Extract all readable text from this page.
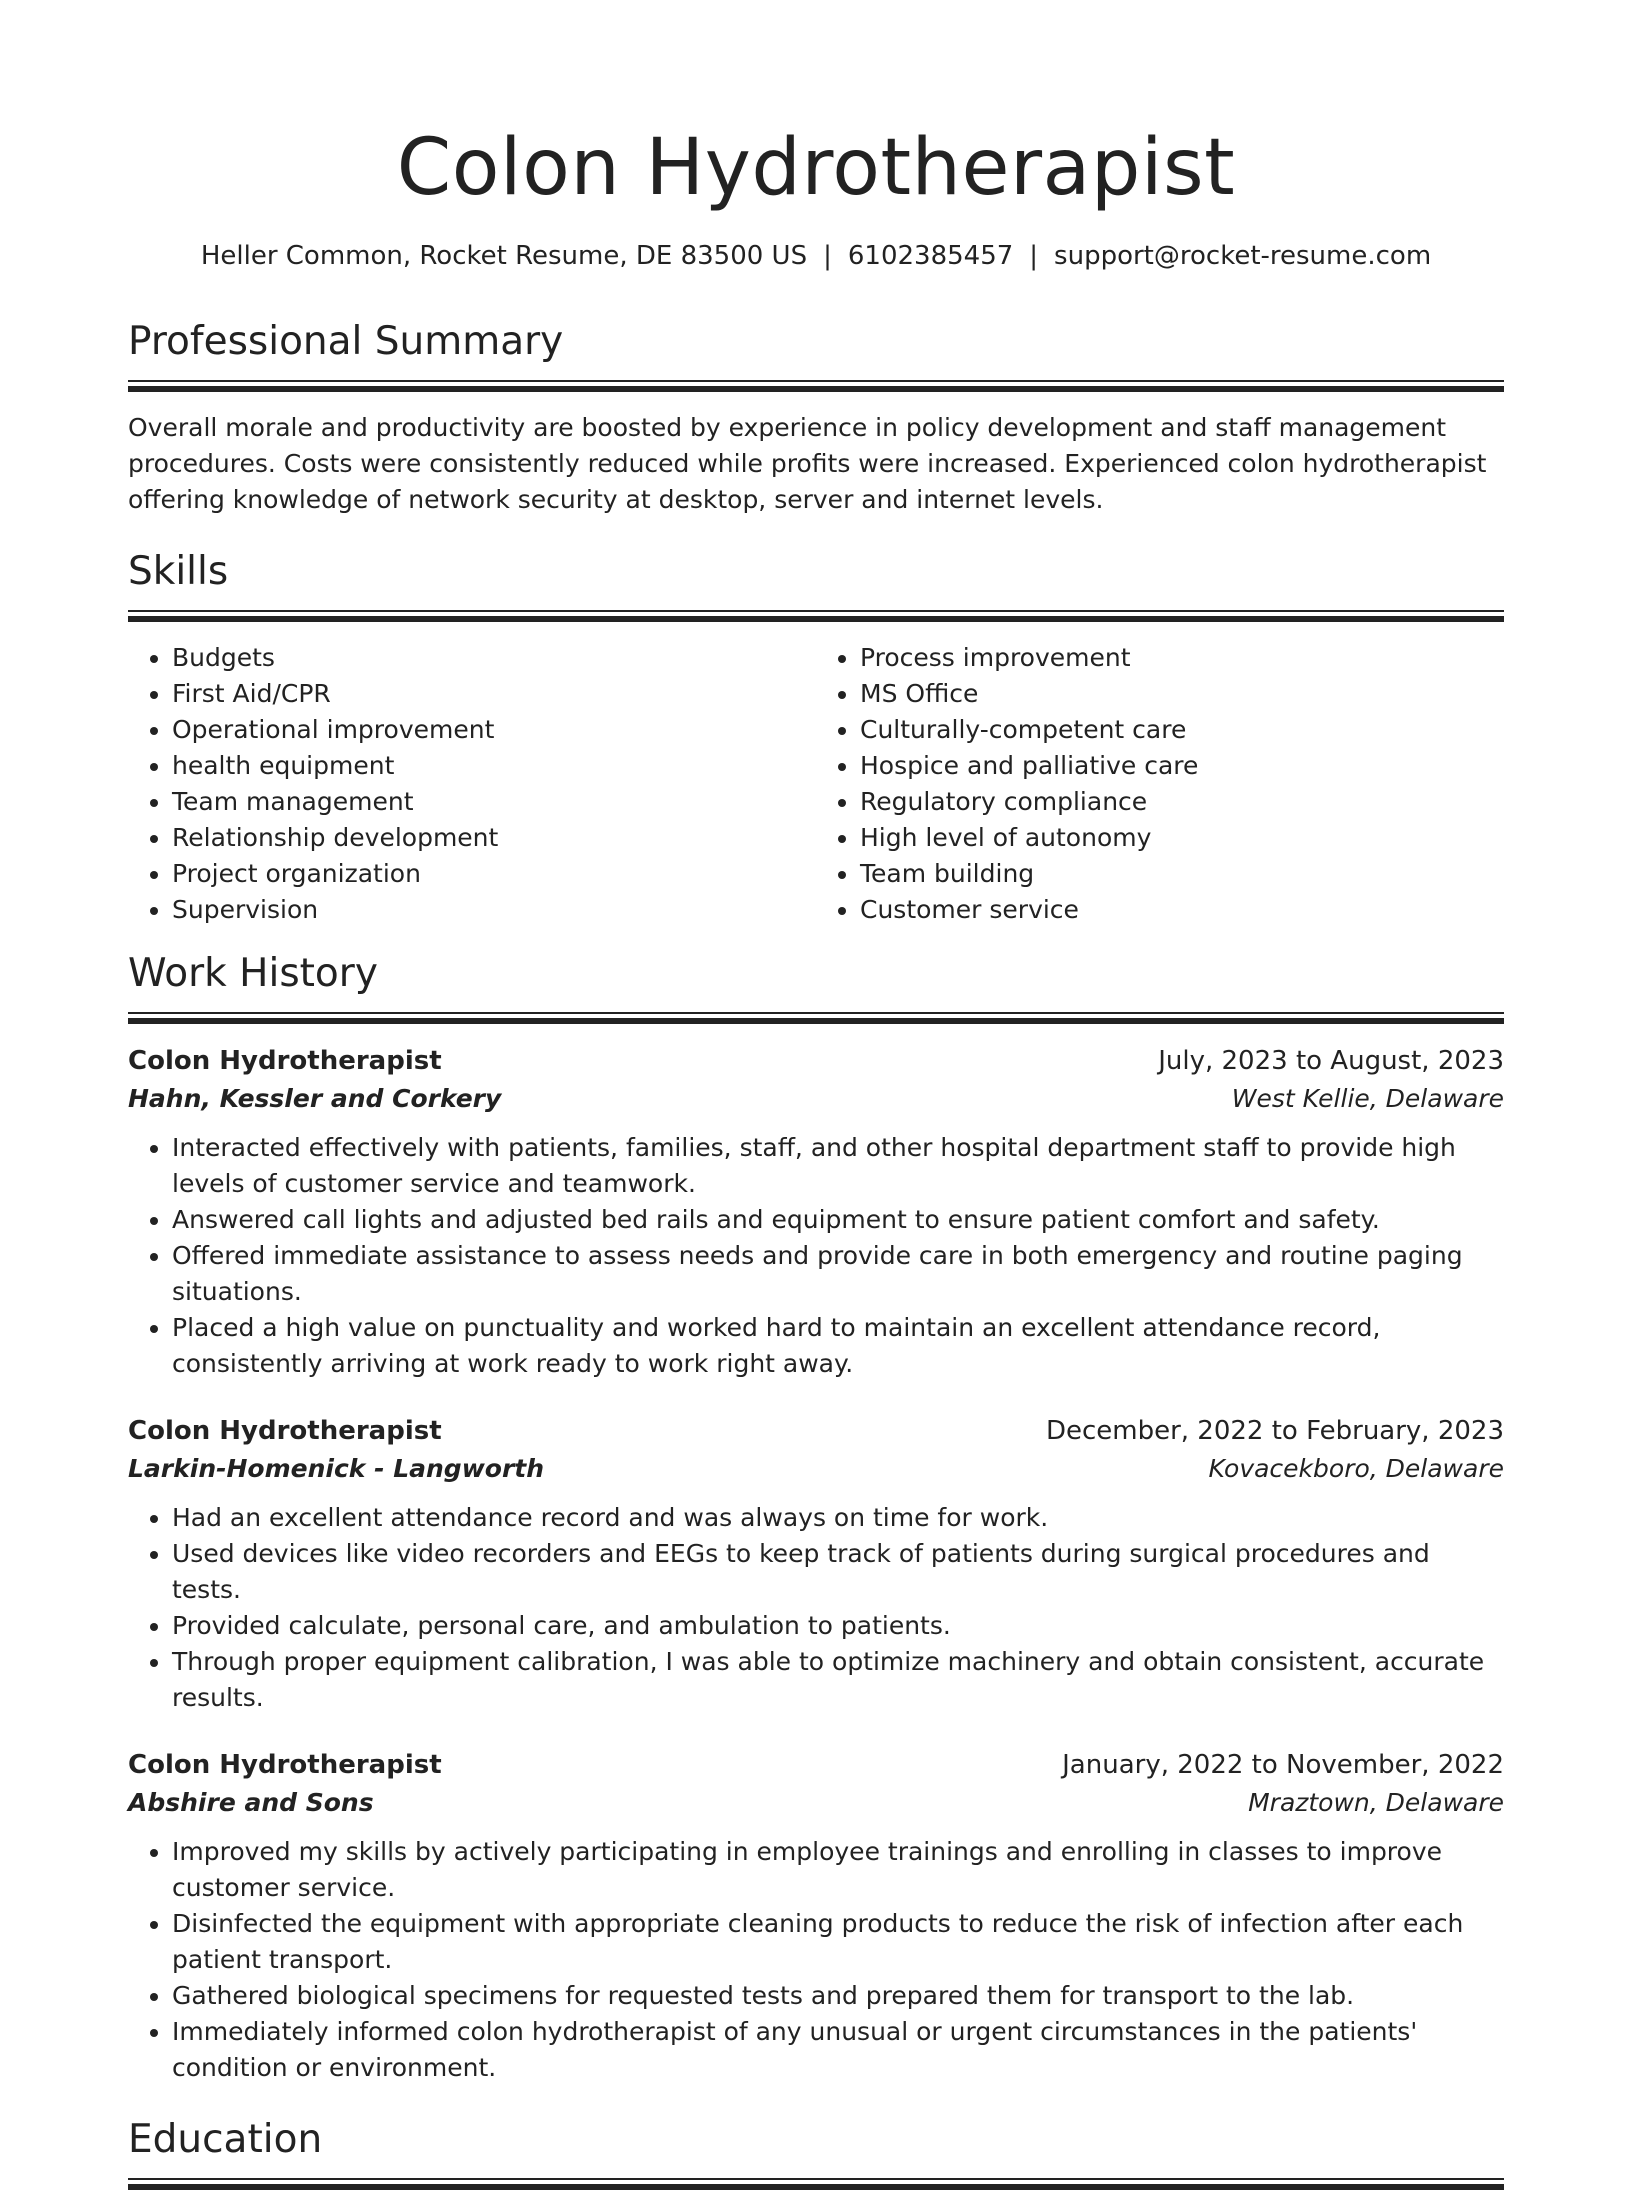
Colon Hydrotherapist
Heller Common, Rocket Resume, DE 83500 US | 6102385457 | support@rocket-resume.com
Professional Summary

Overall morale and productivity are boosted by experience in policy development and staff management procedures. Costs were consistently reduced while profits were increased. Experienced colon hydrotherapist offering knowledge of network security at desktop, server and internet levels.

Skills
• Budgets
• First Aid/CPR
• Operational improvement
• health equipment
• Team management
• Relationship development
• Project organization
• Supervision
• Process improvement
• MS Office
• Culturally-competent care
• Hospice and palliative care
• Regulatory compliance
• High level of autonomy
• Team building
• Customer service
Work History
Colon Hydrotherapist	July, 2023 to August, 2023
Hahn, Kessler and Corkery	West Kellie, Delaware
• Interacted effectively with patients, families, staff, and other hospital department staff to provide high levels of customer service and teamwork.
• Answered call lights and adjusted bed rails and equipment to ensure patient comfort and safety.
• Offered immediate assistance to assess needs and provide care in both emergency and routine paging situations.
• Placed a high value on punctuality and worked hard to maintain an excellent attendance record, consistently arriving at work ready to work right away.
Colon Hydrotherapist	December, 2022 to February, 2023
Larkin-Homenick - Langworth	Kovacekboro, Delaware
• Had an excellent attendance record and was always on time for work.
• Used devices like video recorders and EEGs to keep track of patients during surgical procedures and tests.
• Provided calculate, personal care, and ambulation to patients.
• Through proper equipment calibration, I was able to optimize machinery and obtain consistent, accurate results.
Colon Hydrotherapist	January, 2022 to November, 2022
Abshire and Sons	Mraztown, Delaware
• Improved my skills by actively participating in employee trainings and enrolling in classes to improve customer service.
• Disinfected the equipment with appropriate cleaning products to reduce the risk of infection after each patient transport.
• Gathered biological specimens for requested tests and prepared them for transport to the lab.
• Immediately informed colon hydrotherapist of any unusual or urgent circumstances in the patients' condition or environment.
Education
